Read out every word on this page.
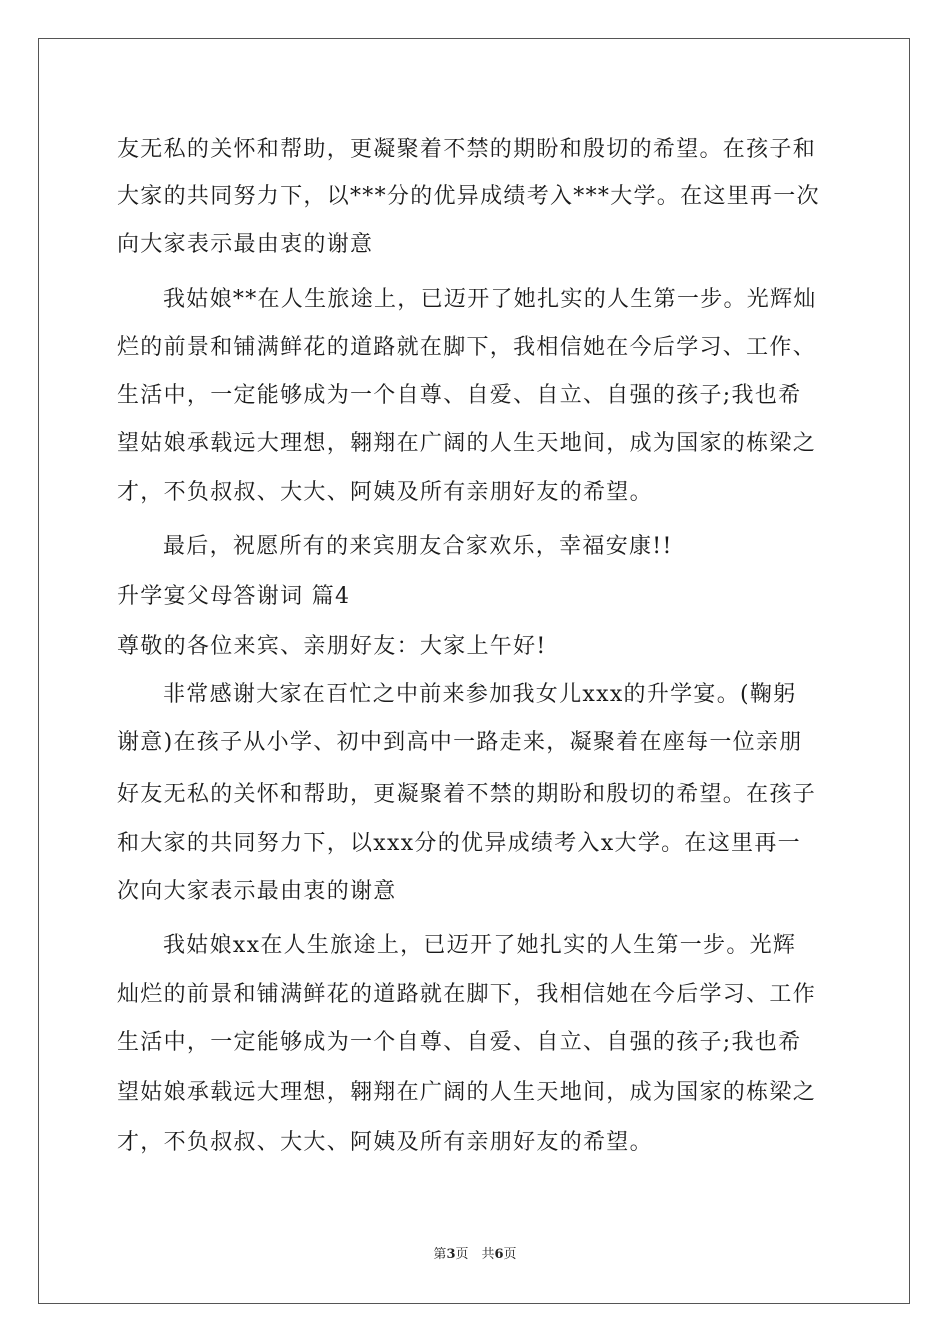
友无私的关怀和帮助，更凝聚着不禁的期盼和殷切的希望。在孩子和
大家的共同努力下，以***分的优异成绩考入***大学。在这里再一次
向大家表示最由衷的谢意
我姑娘**在人生旅途上，已迈开了她扎实的人生第一步。光辉灿
烂的前景和铺满鲜花的道路就在脚下，我相信她在今后学习、工作、
生活中，一定能够成为一个自尊、自爱、自立、自强的孩子;我也希
望姑娘承载远大理想，翱翔在广阔的人生天地间，成为国家的栋梁之
才，不负叔叔、大大、阿姨及所有亲朋好友的希望。
最后，祝愿所有的来宾朋友合家欢乐，幸福安康!!
升学宴父母答谢词 篇4
尊敬的各位来宾、亲朋好友：大家上午好!
非常感谢大家在百忙之中前来参加我女儿xxx的升学宴。(鞠躬
谢意)在孩子从小学、初中到高中一路走来，凝聚着在座每一位亲朋
好友无私的关怀和帮助，更凝聚着不禁的期盼和殷切的希望。在孩子
和大家的共同努力下，以xxx分的优异成绩考入x大学。在这里再一
次向大家表示最由衷的谢意
我姑娘xx在人生旅途上，已迈开了她扎实的人生第一步。光辉
灿烂的前景和铺满鲜花的道路就在脚下，我相信她在今后学习、工作
生活中，一定能够成为一个自尊、自爱、自立、自强的孩子;我也希
望姑娘承载远大理想，翱翔在广阔的人生天地间，成为国家的栋梁之
才，不负叔叔、大大、阿姨及所有亲朋好友的希望。
第3页　共6页
